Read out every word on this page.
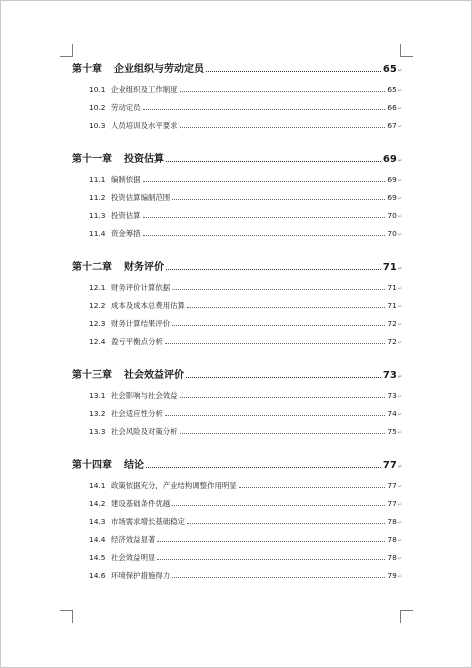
第十章 企业组织与劳动定员	65 ↵
10.1 企业组织及工作制度	65 ↵
10.2 劳动定员	66 ↵
10.3 人员培训及水平要求	67 ↵
第十一章 投资估算	69 ↵
11.1 编制依据	69 ↵
11.2 投资估算编制范围	69 ↵
11.3 投资估算	70 ↵
11.4 资金筹措	70 ↵
第十二章 财务评价	71 ↵
12.1 财务评价计算依据	71 ↵
12.2 成本及成本总费用估算	71 ↵
12.3 财务计算结果评价	72 ↵
12.4 盈亏平衡点分析	72 ↵
第十三章 社会效益评价	73 ↵
13.1 社会影响与社会效益	73 ↵
13.2 社会适应性分析	74 ↵
13.3 社会风险及对策分析	75 ↵
第十四章 结论	77 ↵
14.1 政策依据充分，产业结构调整作用明显	77 ↵
14.2 建设基础条件优越	77 ↵
14.3 市场需求增长基础稳定	78 ↵
14.4 经济效益显著	78 ↵
14.5 社会效益明显	78 ↵
14.6 环境保护措施得力	79 ↵
